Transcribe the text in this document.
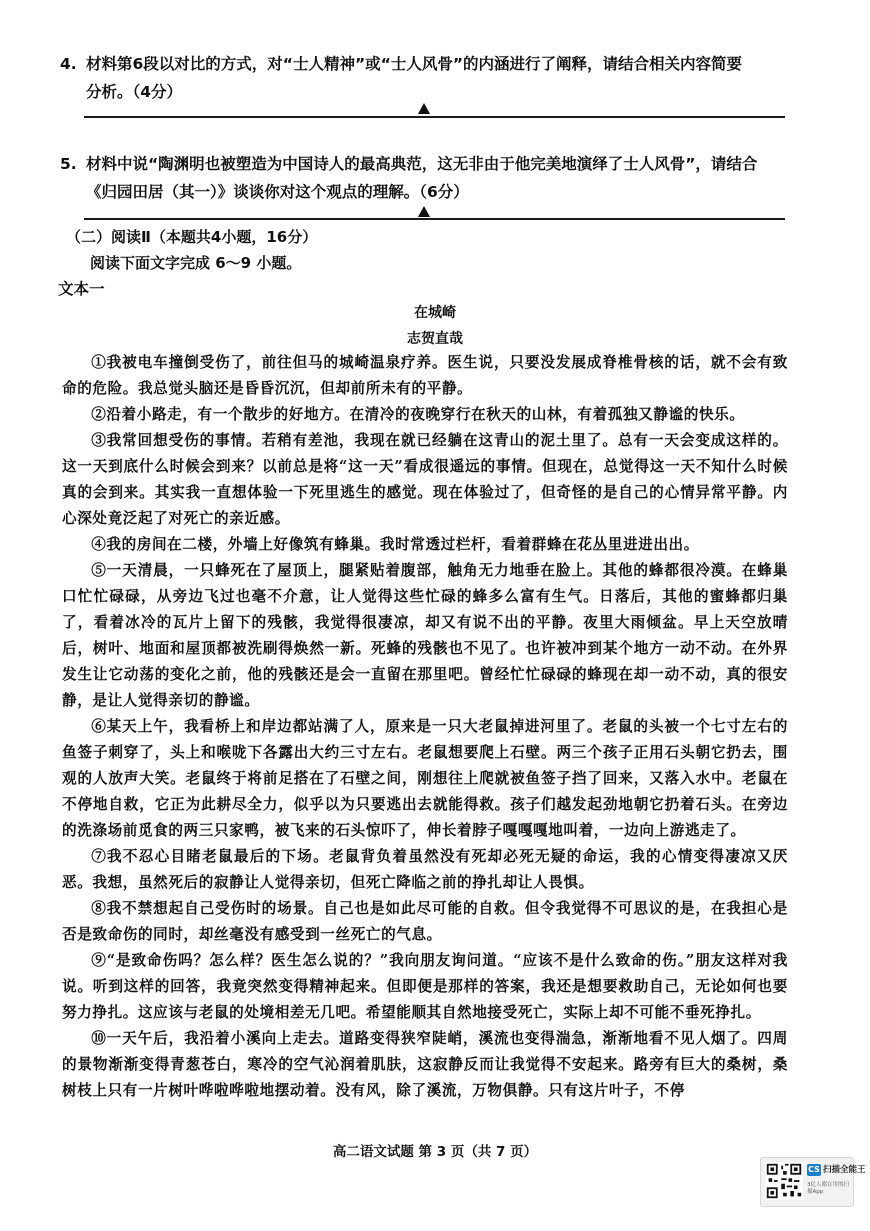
4. 材料第6段以对比的方式，对“士人精神”或“士人风骨”的内涵进行了阐释，请结合相关内容简要
分析。（4分）
5. 材料中说“陶渊明也被塑造为中国诗人的最高典范，这无非由于他完美地演绎了士人风骨”，请结合
《归园田居（其一）》谈谈你对这个观点的理解。（6分）
（二）阅读Ⅱ（本题共4小题，16分）
阅读下面文字完成 6～9 小题。
文本一
在城崎
志贺直哉

①我被电车撞倒受伤了，前往但马的城崎温泉疗养。医生说，只要没发展成脊椎骨核的话，就不会有致命的危险。我总觉头脑还是昏昏沉沉，但却前所未有的平静。

②沿着小路走，有一个散步的好地方。在清冷的夜晚穿行在秋天的山林，有着孤独又静谧的快乐。

③我常回想受伤的事情。若稍有差池，我现在就已经躺在这青山的泥土里了。总有一天会变成这样的。这一天到底什么时候会到来？以前总是将“这一天”看成很遥远的事情。但现在，总觉得这一天不知什么时候真的会到来。其实我一直想体验一下死里逃生的感觉。现在体验过了，但奇怪的是自己的心情异常平静。内心深处竟泛起了对死亡的亲近感。

④我的房间在二楼，外墙上好像筑有蜂巢。我时常透过栏杆，看着群蜂在花丛里进进出出。

⑤一天清晨，一只蜂死在了屋顶上，腿紧贴着腹部，触角无力地垂在脸上。其他的蜂都很冷漠。在蜂巢口忙忙碌碌，从旁边飞过也毫不介意，让人觉得这些忙碌的蜂多么富有生气。日落后，其他的蜜蜂都归巢了，看着冰冷的瓦片上留下的残骸，我觉得很凄凉，却又有说不出的平静。夜里大雨倾盆。早上天空放晴后，树叶、地面和屋顶都被洗刷得焕然一新。死蜂的残骸也不见了。也许被冲到某个地方一动不动。在外界发生让它动荡的变化之前，他的残骸还是会一直留在那里吧。曾经忙忙碌碌的蜂现在却一动不动，真的很安静，是让人觉得亲切的静谧。

⑥某天上午，我看桥上和岸边都站满了人，原来是一只大老鼠掉进河里了。老鼠的头被一个七寸左右的鱼签子刺穿了，头上和喉咙下各露出大约三寸左右。老鼠想要爬上石壁。两三个孩子正用石头朝它扔去，围观的人放声大笑。老鼠终于将前足搭在了石壁之间，刚想往上爬就被鱼签子挡了回来，又落入水中。老鼠在不停地自救，它正为此耕尽全力，似乎以为只要逃出去就能得救。孩子们越发起劲地朝它扔着石头。在旁边的洗涤场前觅食的两三只家鸭，被飞来的石头惊吓了，伸长着脖子嘎嘎嘎地叫着，一边向上游逃走了。

⑦我不忍心目睹老鼠最后的下场。老鼠背负着虽然没有死却必死无疑的命运，我的心情变得凄凉又厌恶。我想，虽然死后的寂静让人觉得亲切，但死亡降临之前的挣扎却让人畏惧。

⑧我不禁想起自己受伤时的场景。自己也是如此尽可能的自救。但令我觉得不可思议的是，在我担心是否是致命伤的同时，却丝毫没有感受到一丝死亡的气息。

⑨“是致命伤吗？怎么样？医生怎么说的？”我向朋友询问道。“应该不是什么致命的伤。”朋友这样对我说。听到这样的回答，我竟突然变得精神起来。但即便是那样的答案，我还是想要救助自己，无论如何也要努力挣扎。这应该与老鼠的处境相差无几吧。希望能顺其自然地接受死亡，实际上却不可能不垂死挣扎。

⑩一天午后，我沿着小溪向上走去。道路变得狭窄陡峭，溪流也变得湍急，渐渐地看不见人烟了。四周的景物渐渐变得青葱苍白，寒冷的空气沁润着肌肤，这寂静反而让我觉得不安起来。路旁有巨大的桑树，桑树枝上只有一片树叶哗啦哗啦地摆动着。没有风，除了溪流，万物俱静。只有这片叶子，不停

高二语文试题 第 3 页（共 7 页）
CS 扫描全能王
3亿人都在用的扫描App
